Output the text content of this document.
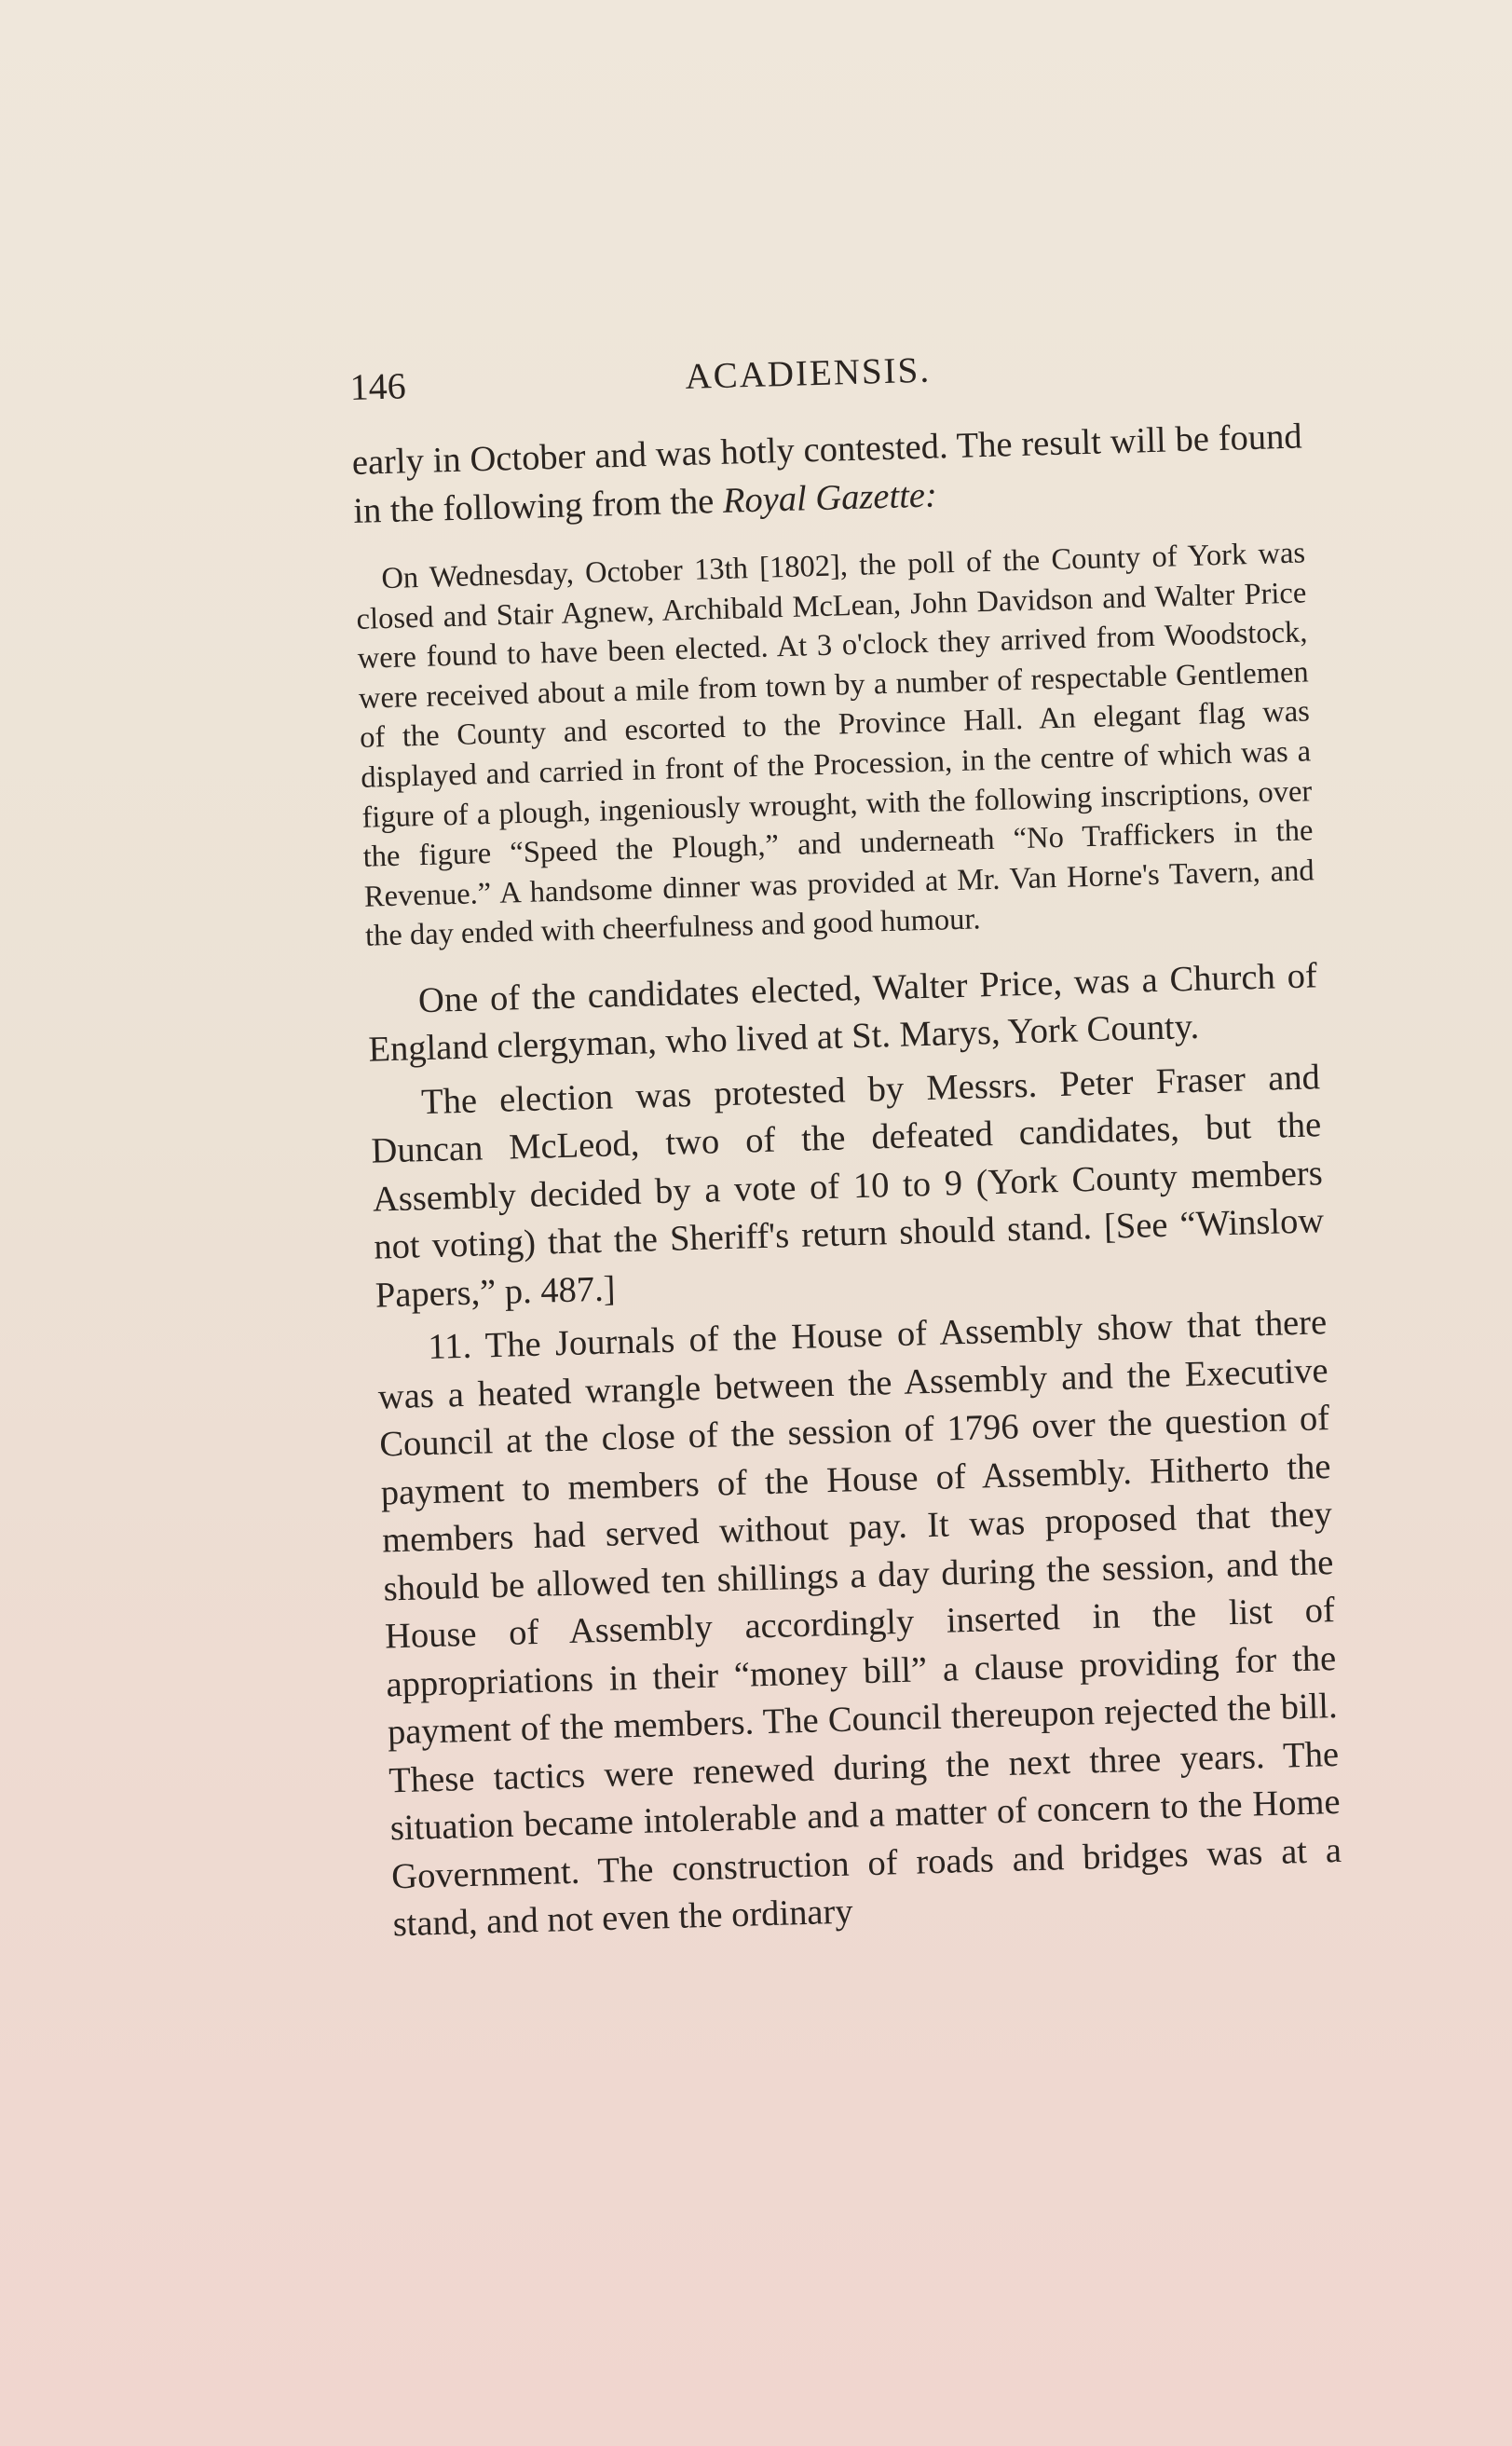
146	ACADIENSIS.

early in October and was hotly contested. The result will be found in the following from the Royal Gazette:

On Wednesday, October 13th [1802], the poll of the County of York was closed and Stair Agnew, Archibald McLean, John Davidson and Walter Price were found to have been elected. At 3 o'clock they arrived from Woodstock, were received about a mile from town by a number of respectable Gentlemen of the County and escorted to the Province Hall. An elegant flag was displayed and carried in front of the Procession, in the centre of which was a figure of a plough, ingeniously wrought, with the following inscriptions, over the figure “Speed the Plough,” and underneath “No Traffickers in the Revenue.” A handsome dinner was provided at Mr. Van Horne's Tavern, and the day ended with cheerfulness and good humour.

One of the candidates elected, Walter Price, was a Church of England clergyman, who lived at St. Marys, York County.

The election was protested by Messrs. Peter Fraser and Duncan McLeod, two of the defeated candidates, but the Assembly decided by a vote of 10 to 9 (York County members not voting) that the Sheriff's return should stand. [See “Winslow Papers,” p. 487.]

11. The Journals of the House of Assembly show that there was a heated wrangle between the Assembly and the Executive Council at the close of the session of 1796 over the question of payment to members of the House of Assembly. Hitherto the members had served without pay. It was proposed that they should be allowed ten shillings a day during the session, and the House of Assembly accordingly inserted in the list of appropriations in their “money bill” a clause providing for the payment of the members. The Council thereupon rejected the bill. These tactics were renewed during the next three years. The situation became intolerable and a matter of concern to the Home Government. The construction of roads and bridges was at a stand, and not even the ordinary
